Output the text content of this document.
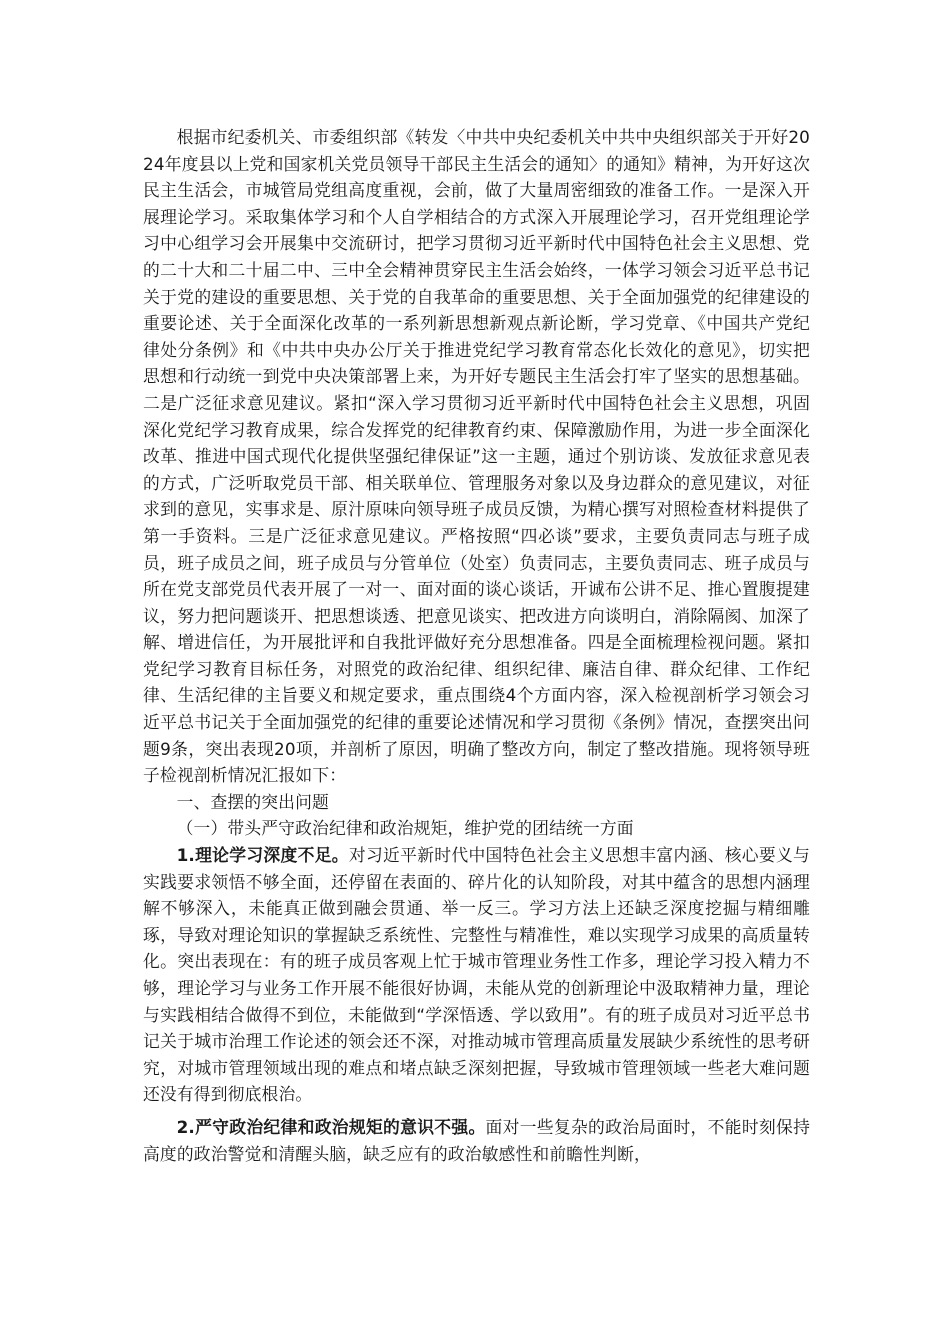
根据市纪委机关、市委组织部《转发〈中共中央纪委机关中共中央组织部关于开好2024年度县以上党和国家机关党员领导干部民主生活会的通知〉的通知》精神，为开好这次民主生活会，市城管局党组高度重视，会前，做了大量周密细致的准备工作。一是深入开展理论学习。采取集体学习和个人自学相结合的方式深入开展理论学习，召开党组理论学习中心组学习会开展集中交流研讨，把学习贯彻习近平新时代中国特色社会主义思想、党的二十大和二十届二中、三中全会精神贯穿民主生活会始终，一体学习领会习近平总书记关于党的建设的重要思想、关于党的自我革命的重要思想、关于全面加强党的纪律建设的重要论述、关于全面深化改革的一系列新思想新观点新论断，学习党章、《中国共产党纪律处分条例》和《中共中央办公厅关于推进党纪学习教育常态化长效化的意见》，切实把思想和行动统一到党中央决策部署上来，为开好专题民主生活会打牢了坚实的思想基础。二是广泛征求意见建议。紧扣“深入学习贯彻习近平新时代中国特色社会主义思想，巩固深化党纪学习教育成果，综合发挥党的纪律教育约束、保障激励作用，为进一步全面深化改革、推进中国式现代化提供坚强纪律保证”这一主题，通过个别访谈、发放征求意见表的方式，广泛听取党员干部、相关联单位、管理服务对象以及身边群众的意见建议，对征求到的意见，实事求是、原汁原味向领导班子成员反馈，为精心撰写对照检查材料提供了第一手资料。三是广泛征求意见建议。严格按照“四必谈”要求，主要负责同志与班子成员，班子成员之间，班子成员与分管单位（处室）负责同志，主要负责同志、班子成员与所在党支部党员代表开展了一对一、面对面的谈心谈话，开诚布公讲不足、推心置腹提建议，努力把问题谈开、把思想谈透、把意见谈实、把改进方向谈明白，消除隔阂、加深了解、增进信任，为开展批评和自我批评做好充分思想准备。四是全面梳理检视问题。紧扣党纪学习教育目标任务，对照党的政治纪律、组织纪律、廉洁自律、群众纪律、工作纪律、生活纪律的主旨要义和规定要求，重点围绕4个方面内容，深入检视剖析学习领会习近平总书记关于全面加强党的纪律的重要论述情况和学习贯彻《条例》情况，查摆突出问题9条，突出表现20项，并剖析了原因，明确了整改方向，制定了整改措施。现将领导班子检视剖析情况汇报如下：

一、查摆的突出问题

（一）带头严守政治纪律和政治规矩，维护党的团结统一方面

1.理论学习深度不足。对习近平新时代中国特色社会主义思想丰富内涵、核心要义与实践要求领悟不够全面，还停留在表面的、碎片化的认知阶段，对其中蕴含的思想内涵理解不够深入，未能真正做到融会贯通、举一反三。学习方法上还缺乏深度挖掘与精细雕琢，导致对理论知识的掌握缺乏系统性、完整性与精准性，难以实现学习成果的高质量转化。突出表现在：有的班子成员客观上忙于城市管理业务性工作多，理论学习投入精力不够，理论学习与业务工作开展不能很好协调，未能从党的创新理论中汲取精神力量，理论与实践相结合做得不到位，未能做到“学深悟透、学以致用”。有的班子成员对习近平总书记关于城市治理工作论述的领会还不深，对推动城市管理高质量发展缺少系统性的思考研究，对城市管理领域出现的难点和堵点缺乏深刻把握，导致城市管理领域一些老大难问题还没有得到彻底根治。

2.严守政治纪律和政治规矩的意识不强。面对一些复杂的政治局面时，不能时刻保持高度的政治警觉和清醒头脑，缺乏应有的政治敏感性和前瞻性判断，
